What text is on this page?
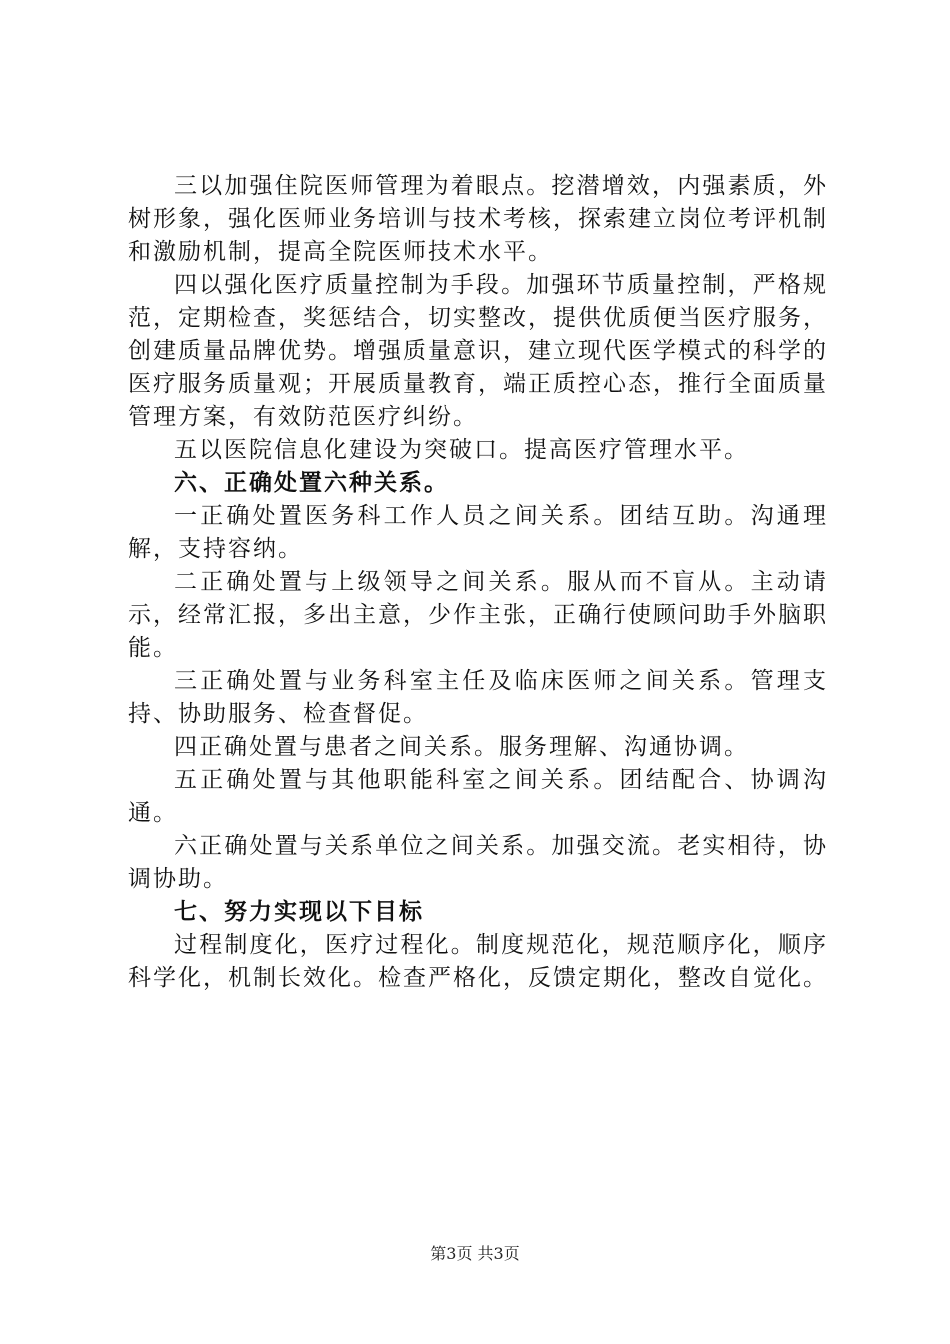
三以加强住院医师管理为着眼点。挖潜增效，内强素质，外树形象，强化医师业务培训与技术考核，探索建立岗位考评机制和激励机制，提高全院医师技术水平。

四以强化医疗质量控制为手段。加强环节质量控制，严格规范，定期检查，奖惩结合，切实整改，提供优质便当医疗服务，创建质量品牌优势。增强质量意识，建立现代医学模式的科学的医疗服务质量观；开展质量教育，端正质控心态，推行全面质量管理方案，有效防范医疗纠纷。

五以医院信息化建设为突破口。提高医疗管理水平。

六、正确处置六种关系。

一正确处置医务科工作人员之间关系。团结互助。沟通理解，支持容纳。

二正确处置与上级领导之间关系。服从而不盲从。主动请示，经常汇报，多出主意，少作主张，正确行使顾问助手外脑职能。

三正确处置与业务科室主任及临床医师之间关系。管理支持、协助服务、检查督促。

四正确处置与患者之间关系。服务理解、沟通协调。

五正确处置与其他职能科室之间关系。团结配合、协调沟通。

六正确处置与关系单位之间关系。加强交流。老实相待，协调协助。

七、努力实现以下目标

过程制度化，医疗过程化。制度规范化，规范顺序化，顺序科学化，机制长效化。检查严格化，反馈定期化，整改自觉化。

第3页 共3页
